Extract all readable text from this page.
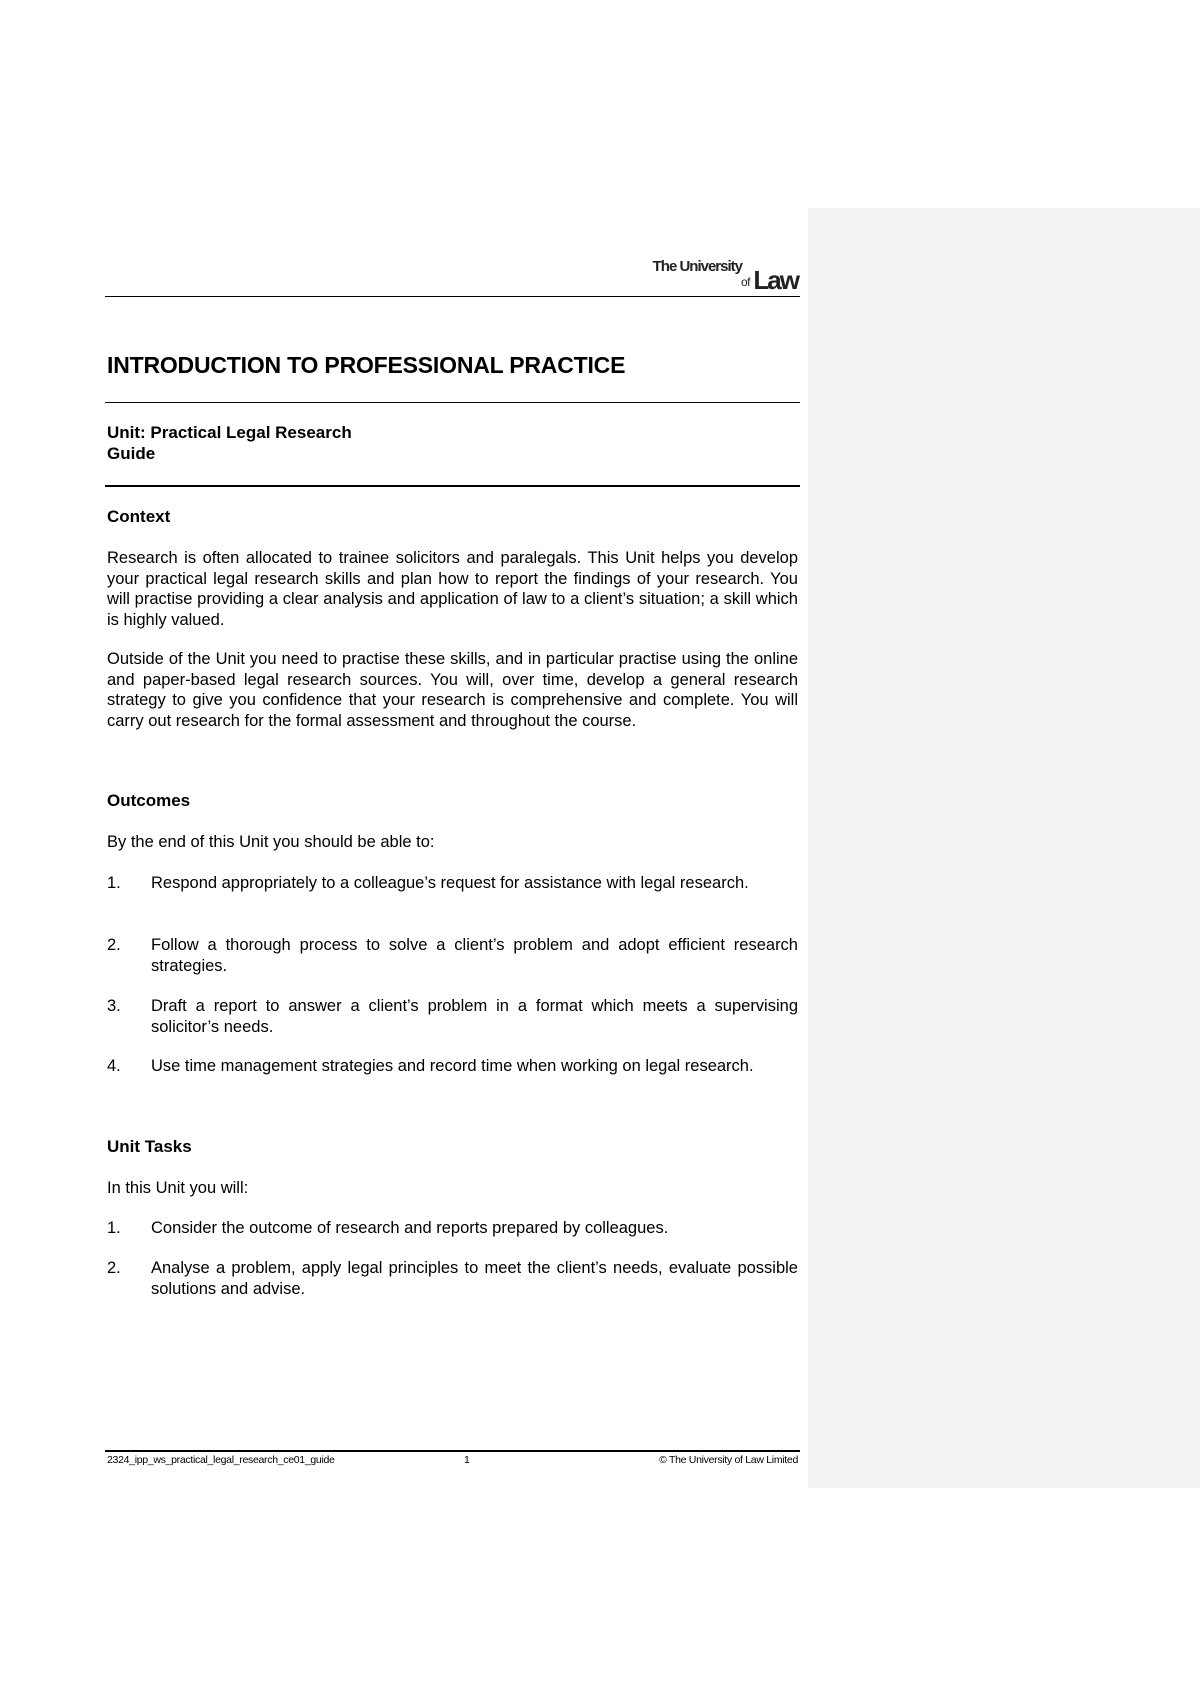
The University
of Law
INTRODUCTION TO PROFESSIONAL PRACTICE
Unit: Practical Legal Research
Guide
Context
Research is often allocated to trainee solicitors and paralegals. This Unit helps you develop your practical legal research skills and plan how to report the findings of your research. You will practise providing a clear analysis and application of law to a client’s situation; a skill which is highly valued.
Outside of the Unit you need to practise these skills, and in particular practise using the online and paper-based legal research sources. You will, over time, develop a general research strategy to give you confidence that your research is comprehensive and complete. You will carry out research for the formal assessment and throughout the course.
Outcomes
By the end of this Unit you should be able to:
1. Respond appropriately to a colleague’s request for assistance with legal research.
2. Follow a thorough process to solve a client’s problem and adopt efficient research strategies.
3. Draft a report to answer a client’s problem in a format which meets a supervising solicitor’s needs.
4. Use time management strategies and record time when working on legal research.
Unit Tasks
In this Unit you will:
1. Consider the outcome of research and reports prepared by colleagues.
2. Analyse a problem, apply legal principles to meet the client’s needs, evaluate possible solutions and advise.
2324_ipp_ws_practical_legal_research_ce01_guide	1	© The University of Law Limited
